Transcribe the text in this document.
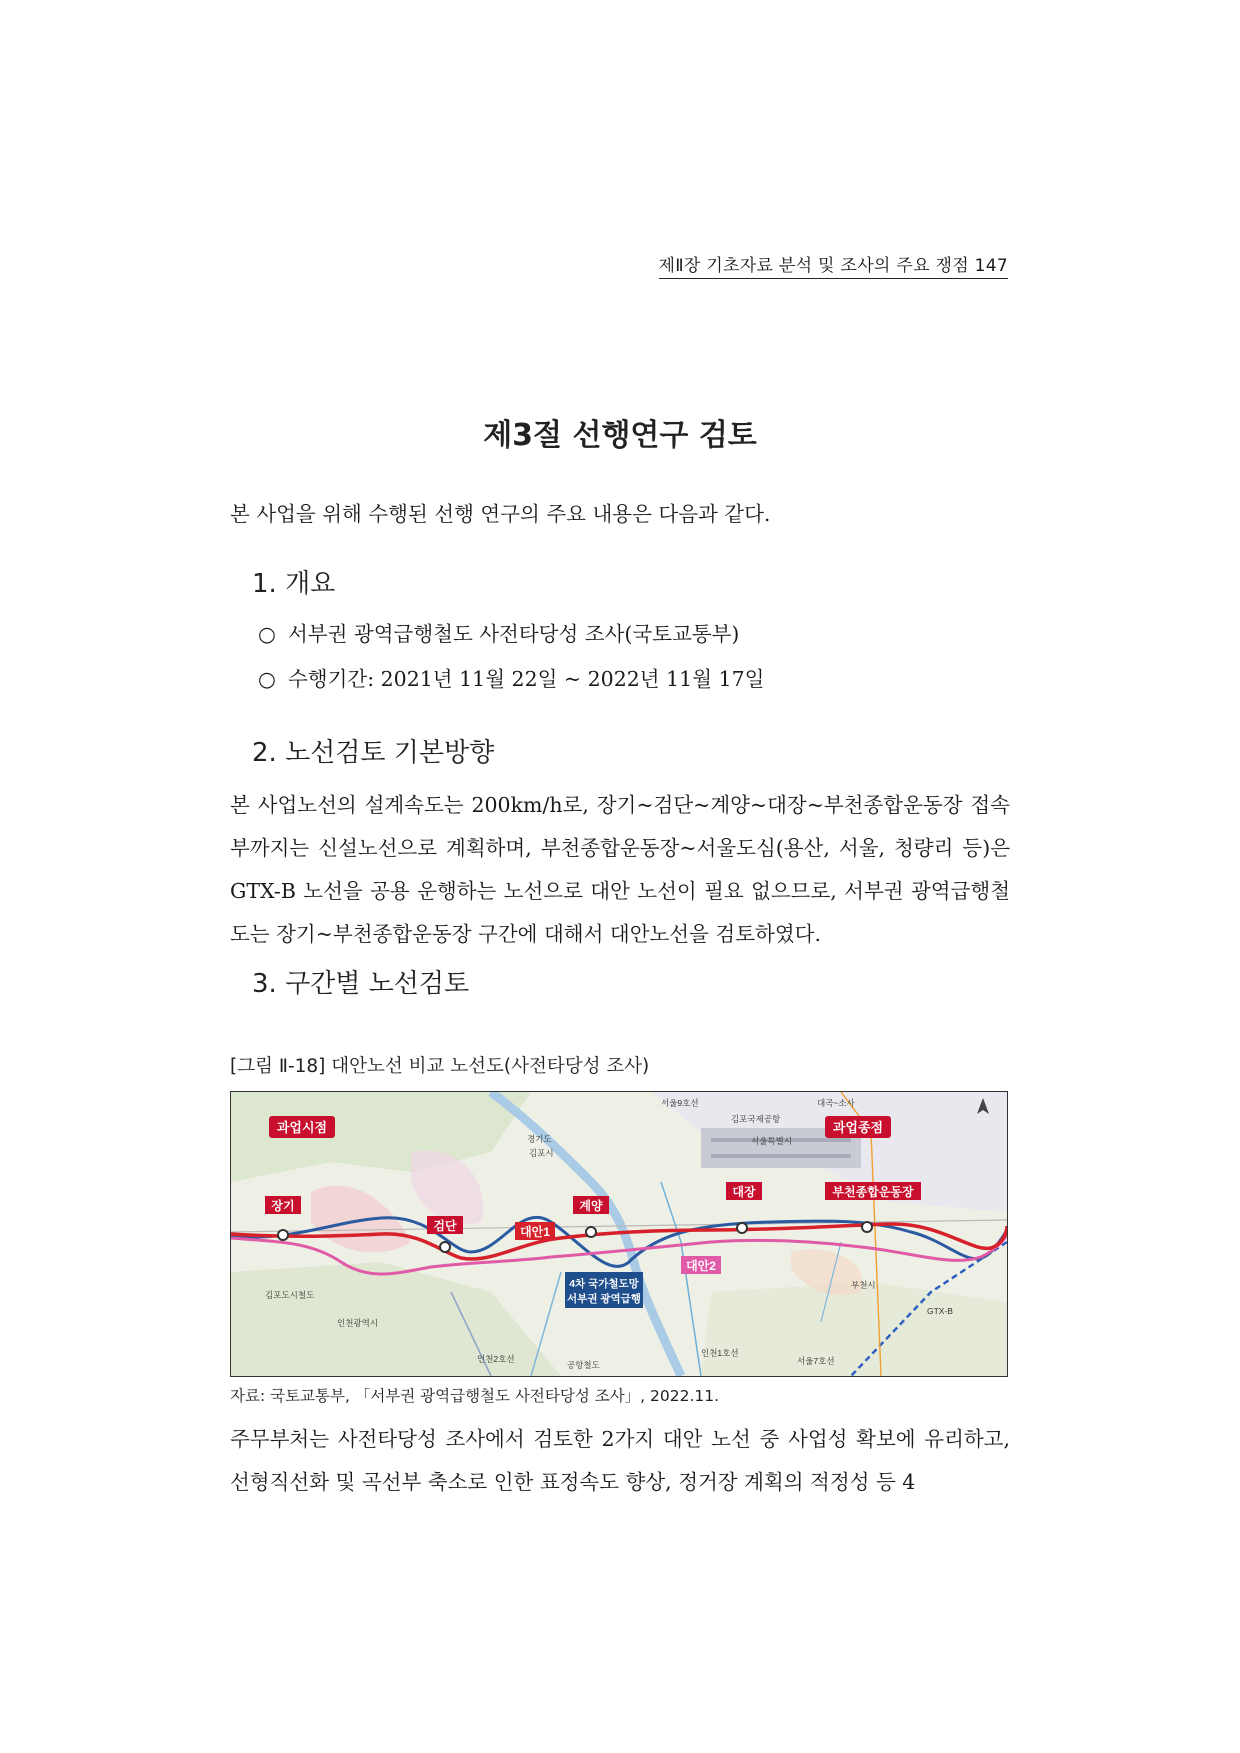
제Ⅱ장 기초자료 분석 및 조사의 주요 쟁점 147
제3절 선행연구 검토
본 사업을 위해 수행된 선행 연구의 주요 내용은 다음과 같다.
1. 개요
○ 서부권 광역급행철도 사전타당성 조사(국토교통부)
○ 수행기간: 2021년 11월 22일 ~ 2022년 11월 17일
2. 노선검토 기본방향
본 사업노선의 설계속도는 200km/h로, 장기~검단~계양~대장~부천종합운동장 접속부까지는 신설노선으로 계획하며, 부천종합운동장~서울도심(용산, 서울, 청량리 등)은 GTX-B 노선을 공용 운행하는 노선으로 대안 노선이 필요 없으므로, 서부권 광역급행철도는 장기~부천종합운동장 구간에 대해서 대안노선을 검토하였다.
3. 구간별 노선검토
[그림 Ⅱ-18] 대안노선 비교 노선도(사전타당성 조사)
과업시점	과업종점
장기
검단
계양
대장	부천종합운동장
대안1
대안2
4차 국가철도망
서부권 광역급행
경기도
김포시
서울특별시
인천광역시
부천시
김포국제공항
김포도시철도
서울9호선
인천1호선
인천2호선	서울7호선
공항철도
GTX-B
대곡~소사
자료: 국토교통부, 「서부권 광역급행철도 사전타당성 조사」, 2022.11.
주무부처는 사전타당성 조사에서 검토한 2가지 대안 노선 중 사업성 확보에 유리하고, 선형직선화 및 곡선부 축소로 인한 표정속도 향상, 정거장 계획의 적정성 등 4
